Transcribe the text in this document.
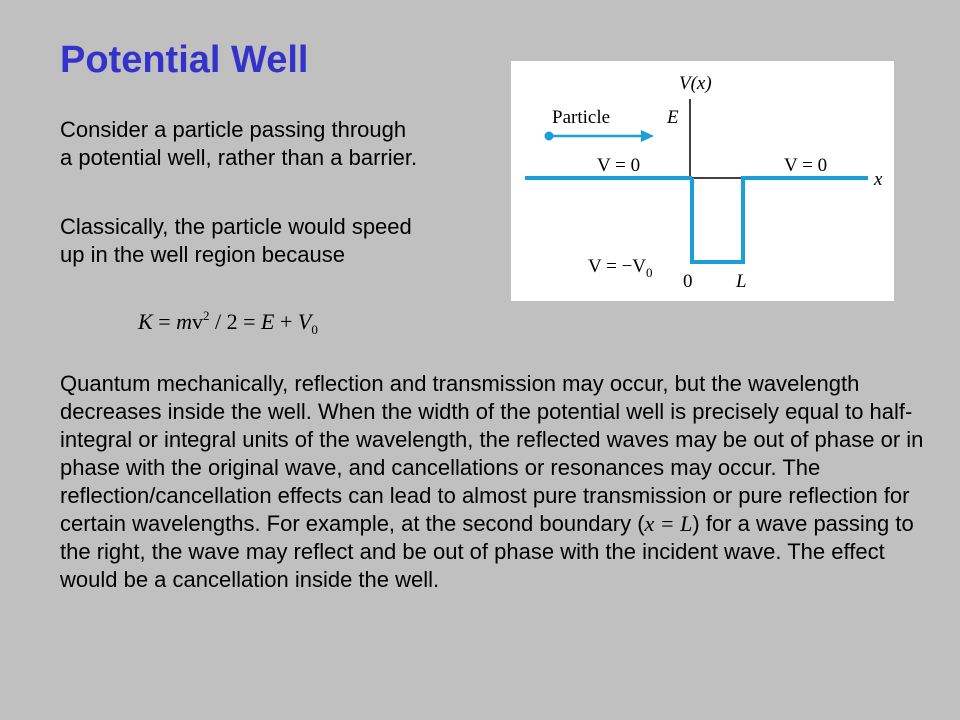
Potential Well

Consider a particle passing through
a potential well, rather than a barrier.

Classically, the particle would speed
up in the well region because

$K = mv^2 / 2 = E + V_0$

Quantum mechanically, reflection and transmission may occur, but the wavelength decreases inside the well. When the width of the potential well is precisely equal to half-integral or integral units of the wavelength, the reflected waves may be out of phase or in phase with the original wave, and cancellations or resonances may occur. The reflection/cancellation effects can lead to almost pure transmission or pure reflection for certain wavelengths. For example, at the second boundary (x = L) for a wave passing to the right, the wave may reflect and be out of phase with the incident wave. The effect would be a cancellation inside the well.

V(x)
x
Particle	E
V = 0	V = 0
$V = -V_0$ 0 L
